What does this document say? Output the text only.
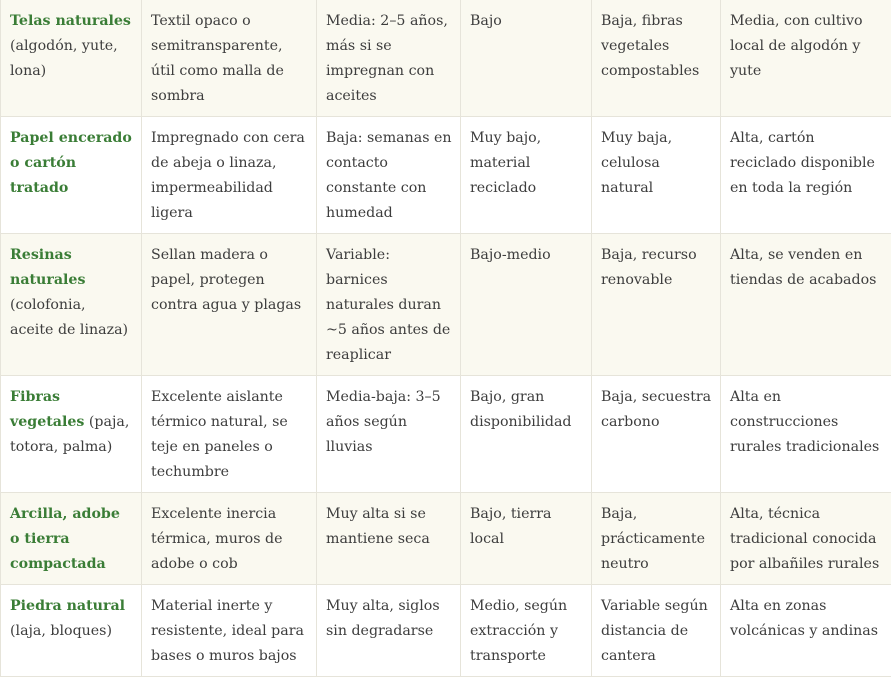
Telas naturales (algodón, yute, lona)	Textil opaco o semitransparente, útil como malla de sombra	Media: 2–5 años, más si se impregnan con aceites	Bajo	Baja, fibras vegetales compostables	Media, con cultivo local de algodón y yute
Papel encerado o cartón tratado	Impregnado con cera de abeja o linaza, impermeabilidad ligera	Baja: semanas en contacto constante con humedad	Muy bajo, material reciclado	Muy baja, celulosa natural	Alta, cartón reciclado disponible en toda la región
Resinas naturales (colofonia, aceite de linaza)	Sellan madera o papel, protegen contra agua y plagas	Variable: barnices naturales duran ~5 años antes de reaplicar	Bajo-medio	Baja, recurso renovable	Alta, se venden en tiendas de acabados
Fibras vegetales (paja, totora, palma)	Excelente aislante térmico natural, se teje en paneles o techumbre	Media-baja: 3–5 años según lluvias	Bajo, gran disponibilidad	Baja, secuestra carbono	Alta en construcciones rurales tradicionales
Arcilla, adobe o tierra compactada	Excelente inercia térmica, muros de adobe o cob	Muy alta si se mantiene seca	Bajo, tierra local	Baja, prácticamente neutro	Alta, técnica tradicional conocida por albañiles rurales
Piedra natural (laja, bloques)	Material inerte y resistente, ideal para bases o muros bajos	Muy alta, siglos sin degradarse	Medio, según extracción y transporte	Variable según distancia de cantera	Alta en zonas volcánicas y andinas
